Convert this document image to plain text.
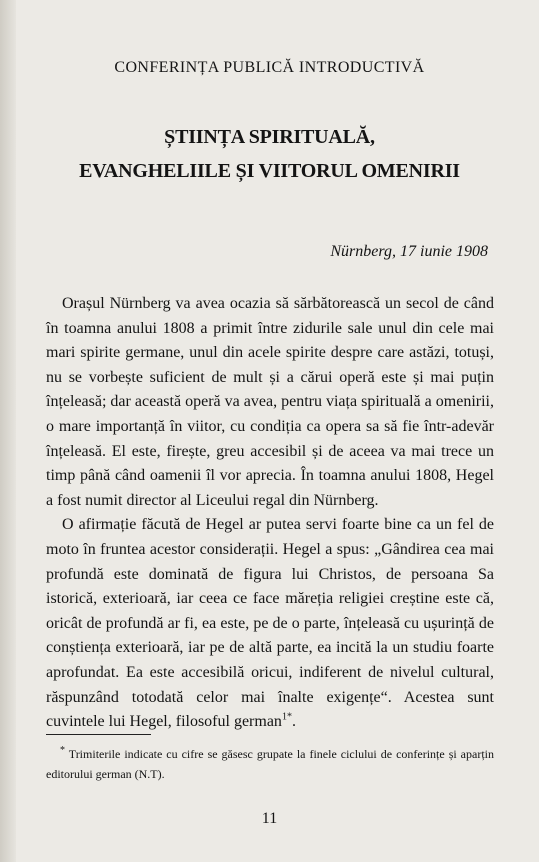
CONFERINȚA PUBLICĂ INTRODUCTIVĂ
ȘTIINȚA SPIRITUALĂ,
EVANGHELIILE ȘI VIITORUL OMENIRII
Nürnberg, 17 iunie 1908

Orașul Nürnberg va avea ocazia să sărbătorească un secol de când în toamna anului 1808 a primit între zidurile sale unul din cele mai mari spirite germane, unul din acele spirite despre care astăzi, totuși, nu se vorbește suficient de mult și a cărui operă este și mai puțin înțeleasă; dar această operă va avea, pentru viața spirituală a omenirii, o mare importanță în viitor, cu condiția ca opera sa să fie într-adevăr înțeleasă. El este, firește, greu accesibil și de aceea va mai trece un timp până când oamenii îl vor aprecia. În toamna anului 1808, Hegel a fost numit director al Liceului regal din Nürnberg.

O afirmație făcută de Hegel ar putea servi foarte bine ca un fel de moto în fruntea acestor considerații. Hegel a spus: „Gândirea cea mai profundă este dominată de figura lui Christos, de persoana Sa istorică, exterioară, iar ceea ce face măreția religiei creștine este că, oricât de profundă ar fi, ea este, pe de o parte, înțeleasă cu ușurință de conștiența exterioară, iar pe de altă parte, ea incită la un studiu foarte aprofundat. Ea este accesibilă oricui, indiferent de nivelul cultural, răspunzând totodată celor mai înalte exigențe“. Acestea sunt cuvintele lui Hegel, filosoful german$^{1*}$.

* Trimiterile indicate cu cifre se găsesc grupate la finele ciclului de conferințe și aparțin editorului german (N.T).
11
